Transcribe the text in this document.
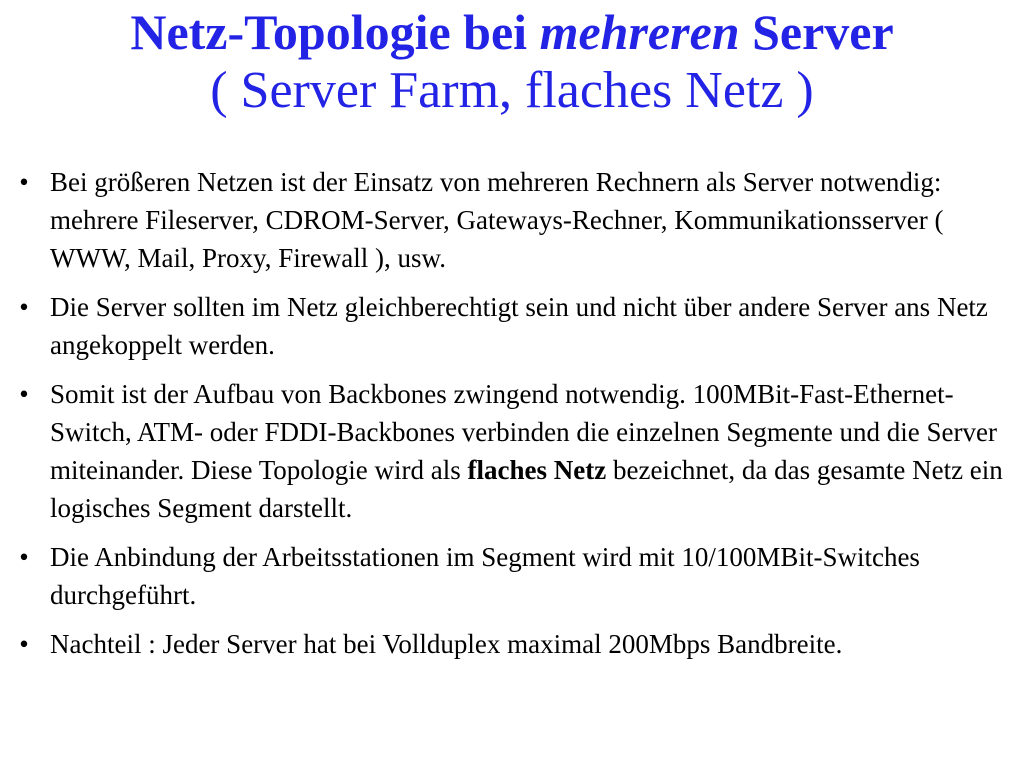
Netz-Topologie bei mehreren Server
( Server Farm, flaches Netz )
• Bei größeren Netzen ist der Einsatz von mehreren Rechnern als Server notwendig: mehrere Fileserver, CDROM-Server, Gateways-Rechner, Kommunikationsserver ( WWW, Mail, Proxy, Firewall ), usw.
• Die Server sollten im Netz gleichberechtigt sein und nicht über andere Server ans Netz angekoppelt werden.
• Somit ist der Aufbau von Backbones zwingend notwendig. 100MBit-Fast-Ethernet-Switch, ATM- oder FDDI-Backbones verbinden die einzelnen Segmente und die Server miteinander. Diese Topologie wird als flaches Netz bezeichnet, da das gesamte Netz ein logisches Segment darstellt.
• Die Anbindung der Arbeitsstationen im Segment wird mit 10/100MBit-Switches durchgeführt.
• Nachteil : Jeder Server hat bei Vollduplex maximal 200Mbps Bandbreite.
